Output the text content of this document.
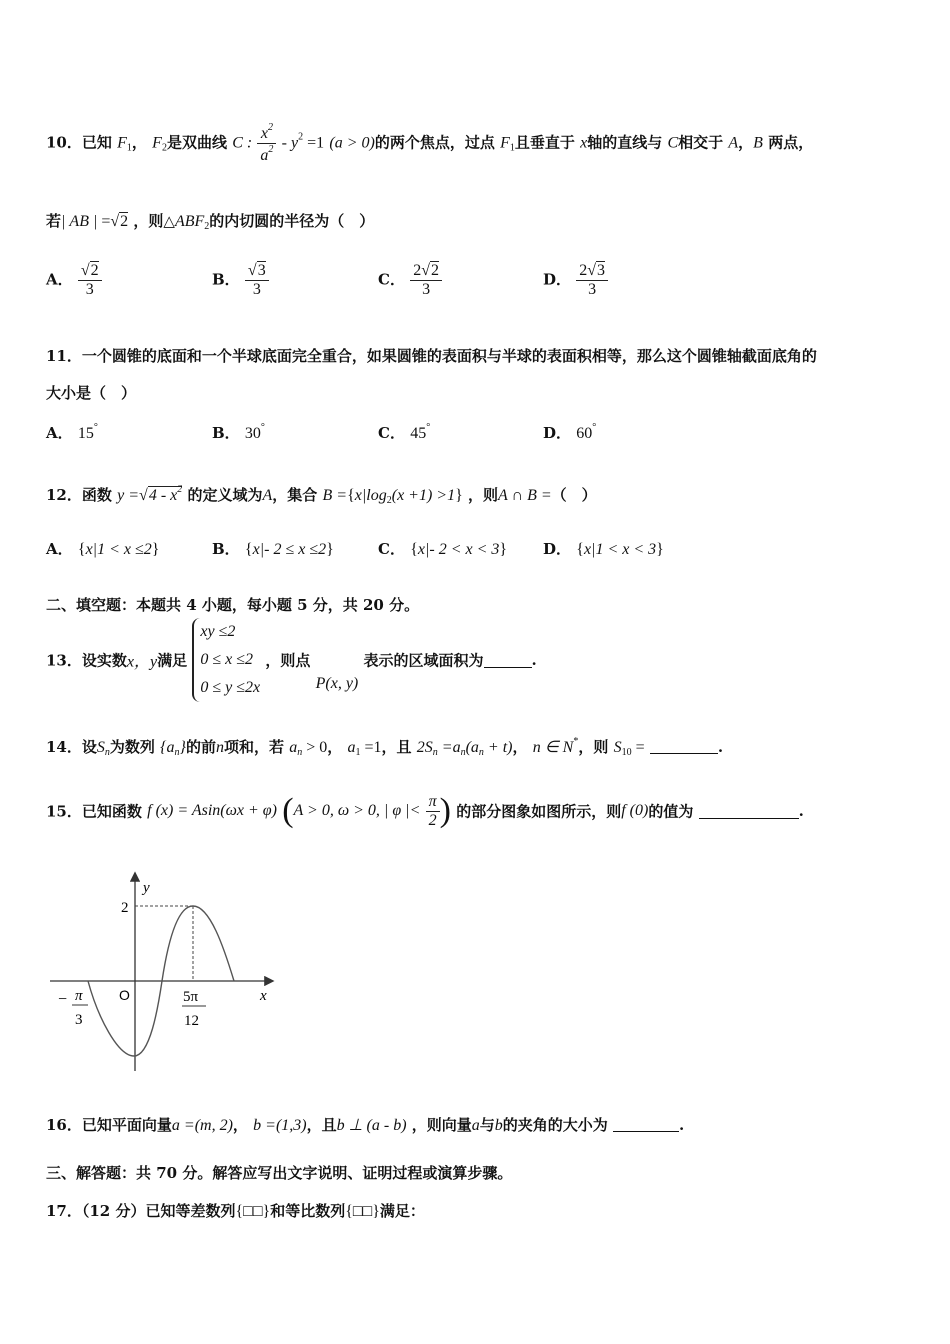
10．已知 $F_1$， $F_2$是双曲线 C : $\frac{x^2}{a^2} - y^2 =1$ (a > 0)的两个焦点，过点 $F_1$且垂直于 x轴的直线与 C相交于 A，B 两点，
若| AB | =√2 ，则$\triangle ABF_2$的内切圆的半径为（　）
A． $\frac{√2}{3}$	B． $\frac{√3}{3}$	C． $\frac{2√2}{3}$	D． $\frac{2√3}{3}$
11．一个圆锥的底面和一个半球底面完全重合，如果圆锥的表面积与半球的表面积相等，那么这个圆锥轴截面底角的
大小是（　）
A． 15°	B． 30°	C． 45°	D． 60°
12．函数 $y =√4 - x^2$ 的定义域为A，集合 $B =\{x|\log_2(x +1) >1\}$ ，则A ∩ B =（　）
A． {x|1 < x ≤2}	B． {x|- 2 ≤ x ≤2}	C． {x|- 2 < x < 3} D． {x|1 < x < 3}
二、填空题：本题共 4 小题，每小题 5 分，共 20 分。
13．设实数x，y满足 xy ≤2
0 ≤ x ≤2
0 ≤ y ≤2x ，则点 P(x, y) 表示的区域面积为	.
14．设$S_n$为数列 $\{a_n\}$的前n项和，若 $a_n > 0$， $a_1 =1$，且 $2S_n =a_n(a_n + t)$， n ∈ N*，则 $S_{10}$ =	.
15．已知函数 f (x) = Asin(ωx + φ) (A > 0, ω > 0, | φ |< $\frac{\pi}{2}$ ) 的部分图象如图所示，则f (0)的值为	.
y
x
O
2
− π
3
5π
12
16．已知平面向量a =(m, 2)， b =(1,3)，且b ⊥ (a - b) ，则向量a与b的夹角的大小为	.
三、解答题：共 70 分。解答应写出文字说明、证明过程或演算步骤。
17．（12 分）已知等差数列{□□}和等比数列{□□}满足：
